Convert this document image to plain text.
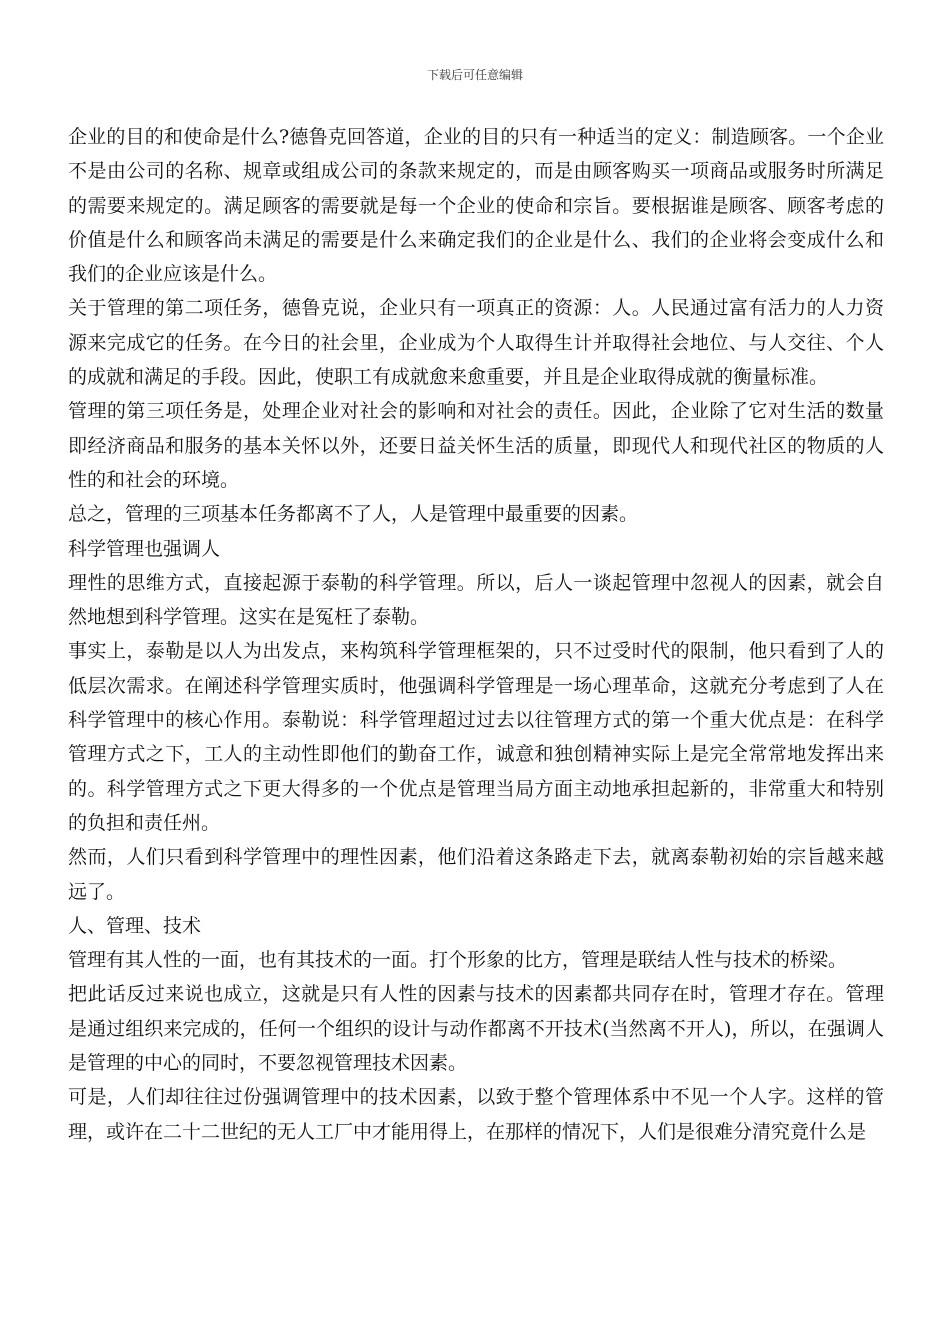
下载后可任意编辑

企业的目的和使命是什么?德鲁克回答道，企业的目的只有一种适当的定义：制造顾客。一个企业不是由公司的名称、规章或组成公司的条款来规定的，而是由顾客购买一项商品或服务时所满足的需要来规定的。满足顾客的需要就是每一个企业的使命和宗旨。要根据谁是顾客、顾客考虑的价值是什么和顾客尚未满足的需要是什么来确定我们的企业是什么、我们的企业将会变成什么和我们的企业应该是什么。

关于管理的第二项任务，德鲁克说，企业只有一项真正的资源：人。人民通过富有活力的人力资源来完成它的任务。在今日的社会里，企业成为个人取得生计并取得社会地位、与人交往、个人的成就和满足的手段。因此，使职工有成就愈来愈重要，并且是企业取得成就的衡量标准。

管理的第三项任务是，处理企业对社会的影响和对社会的责任。因此，企业除了它对生活的数量即经济商品和服务的基本关怀以外，还要日益关怀生活的质量，即现代人和现代社区的物质的人性的和社会的环境。

总之，管理的三项基本任务都离不了人，人是管理中最重要的因素。

科学管理也强调人

理性的思维方式，直接起源于泰勒的科学管理。所以，后人一谈起管理中忽视人的因素，就会自然地想到科学管理。这实在是冤枉了泰勒。

事实上，泰勒是以人为出发点，来构筑科学管理框架的，只不过受时代的限制，他只看到了人的低层次需求。在阐述科学管理实质时，他强调科学管理是一场心理革命，这就充分考虑到了人在科学管理中的核心作用。泰勒说：科学管理超过过去以往管理方式的第一个重大优点是：在科学管理方式之下，工人的主动性即他们的勤奋工作，诚意和独创精神实际上是完全常常地发挥出来的。科学管理方式之下更大得多的一个优点是管理当局方面主动地承担起新的，非常重大和特别的负担和责任州。

然而，人们只看到科学管理中的理性因素，他们沿着这条路走下去，就离泰勒初始的宗旨越来越远了。

人、管理、技术

管理有其人性的一面，也有其技术的一面。打个形象的比方，管理是联结人性与技术的桥梁。

把此话反过来说也成立，这就是只有人性的因素与技术的因素都共同存在时，管理才存在。管理是通过组织来完成的，任何一个组织的设计与动作都离不开技术(当然离不开人)，所以，在强调人是管理的中心的同时，不要忽视管理技术因素。

可是，人们却往往过份强调管理中的技术因素，以致于整个管理体系中不见一个人字。这样的管理，或许在二十二世纪的无人工厂中才能用得上，在那样的情况下，人们是很难分清究竟什么是
